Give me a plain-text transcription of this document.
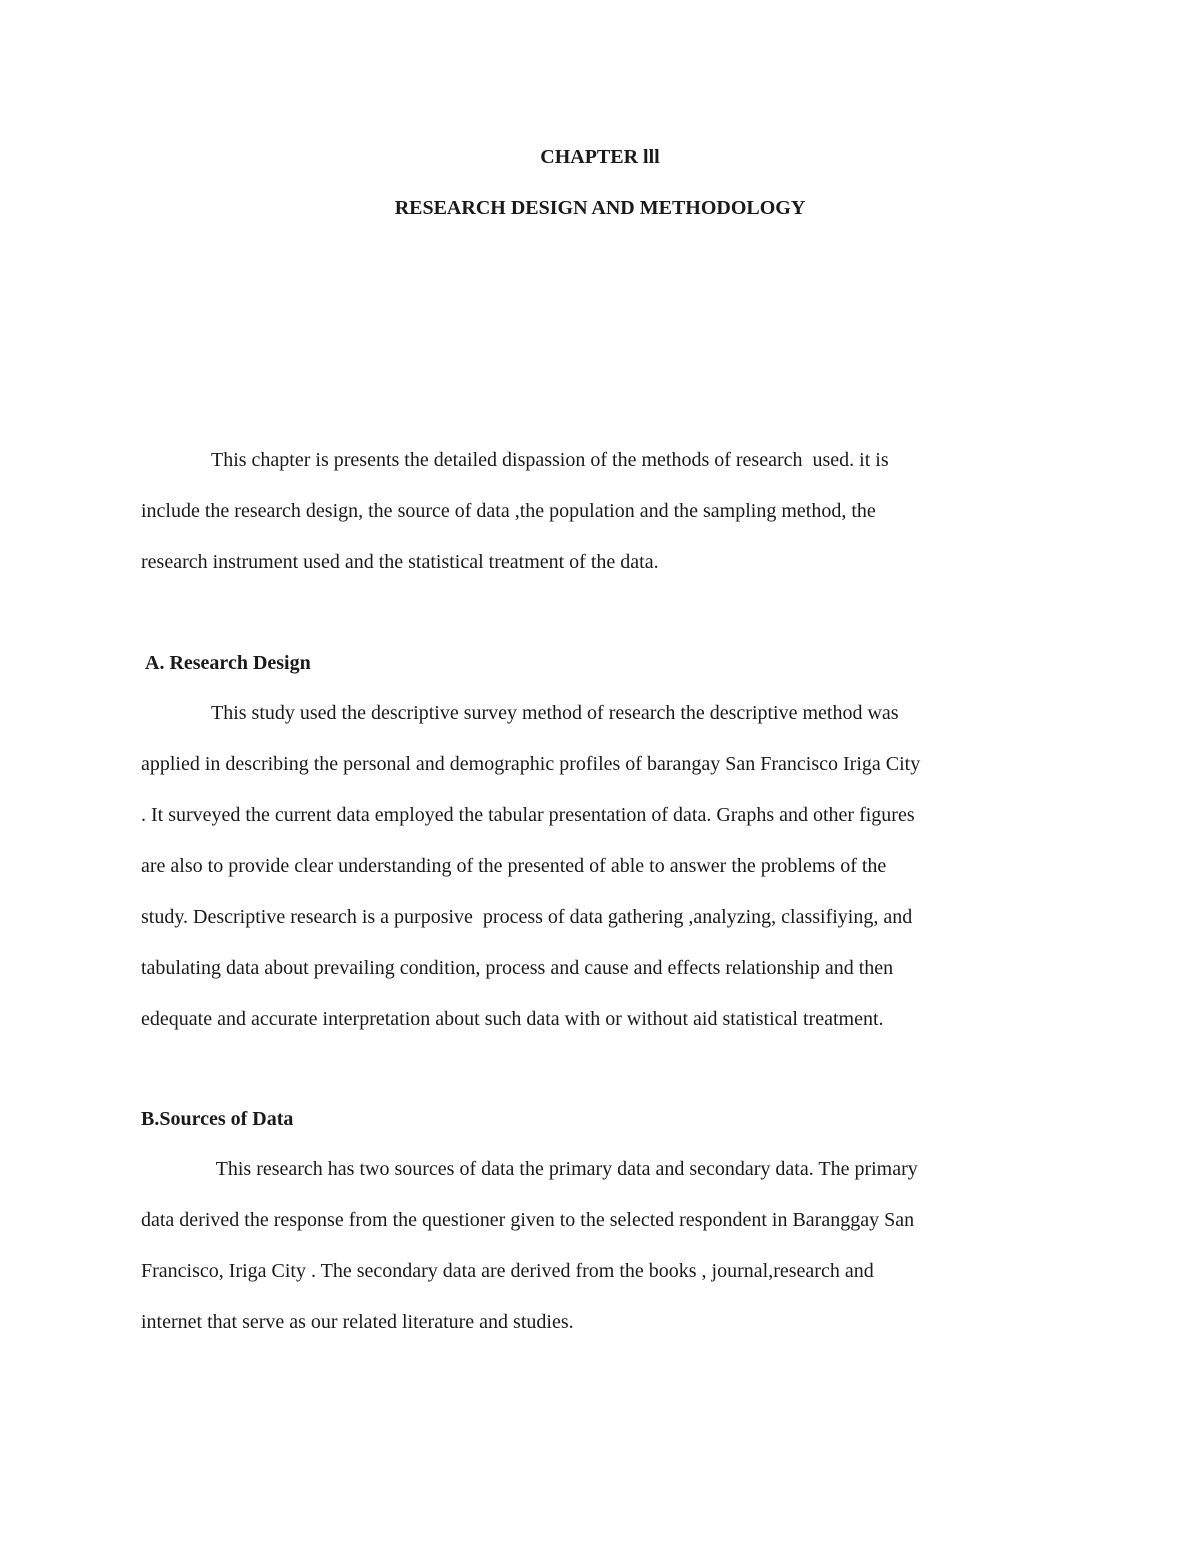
CHAPTER lll
RESEARCH DESIGN AND METHODOLOGY

This chapter is presents the detailed dispassion of the methods of research  used. it is
include the research design, the source of data ,the population and the sampling method, the
research instrument used and the statistical treatment of the data.

A. Research Design

This study used the descriptive survey method of research the descriptive method was
applied in describing the personal and demographic profiles of barangay San Francisco Iriga City
. It surveyed the current data employed the tabular presentation of data. Graphs and other figures
are also to provide clear understanding of the presented of able to answer the problems of the
study. Descriptive research is a purposive  process of data gathering ,analyzing, classifiying, and
tabulating data about prevailing condition, process and cause and effects relationship and then
edequate and accurate interpretation about such data with or without aid statistical treatment.

B.Sources of Data

This research has two sources of data the primary data and secondary data. The primary
data derived the response from the questioner given to the selected respondent in Baranggay San
Francisco, Iriga City . The secondary data are derived from the books , journal,research and
internet that serve as our related literature and studies.
